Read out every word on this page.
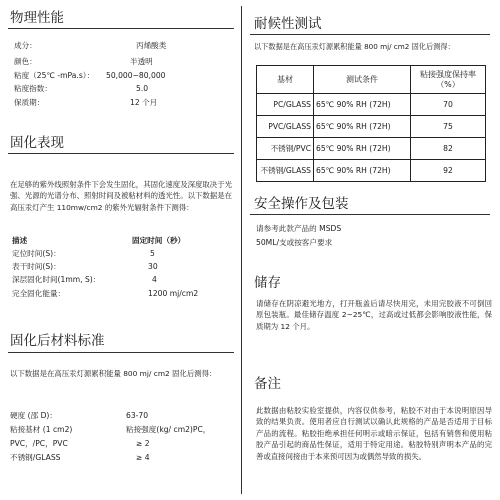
物理性能
成分：	丙烯酸类
颜色：	半透明
粘度（25℃ -mPa.s）： 50,000~80,000
粘度指数：	5.0
保质期：	12 个月
固化表现
在足够的紫外线照射条件下会发生固化，其固化速度及深度取决于光强、光源的光谱分布、照射时间及被粘材料的透光性。以下数据是在高压汞灯产生 110mw/cm2 的紫外光辐射条件下测得：
描述	固定时间（秒）
定位时间(S)：	5
表干时间(S)：	30
深层固化时间(1mm, S)：	4
完全固化能量：	1200 mj/cm2
固化后材料标准
以下数据是在高压汞灯源累积能量 800 mj/ cm2 固化后测得：
硬度 (邵 D)：	63-70
粘接基材 (1 cm2)	粘接强度(kg/ cm2)PC，
PVC，/PC，PVC	≥ 2
不锈钢/GLASS	≥ 4
耐候性测试
以下数据是在高压汞灯源累积能量 800 mj/ cm2 固化后测得：
基材	测试条件	粘接强度保持率（%）
PC/GLASS	65℃ 90% RH (72H)	70
PVC/GLASS	65℃ 90% RH (72H)	75
不锈钢/PVC	65℃ 90% RH (72H)	82
不锈钢/GLASS	65℃ 90% RH (72H)	92
安全操作及包装
请参考此款产品的 MSDS
50ML/支或按客户要求
储存
请储存在阴凉避光地方，打开瓶盖后请尽快用完，未用完胶液不可倒回原包装瓶。最佳储存温度 2~25℃，过高或过低都会影响胶液性能，保质期为 12 个月。
备注
此数据由粘胶实验室提供，内容仅供参考，粘胶不对由于本说明原因导致的结果负责。使用者应自行测试以确认此规格的产品是否适用于目标产品的流程。粘胶拒绝承担任何明示或暗示保证，包括有销售和使用粘胶产品引起的商品性保证，适用于特定用途。粘胶特别声明本产品的完善或直接间接由于本来预可因为或偶然导致的损失。
